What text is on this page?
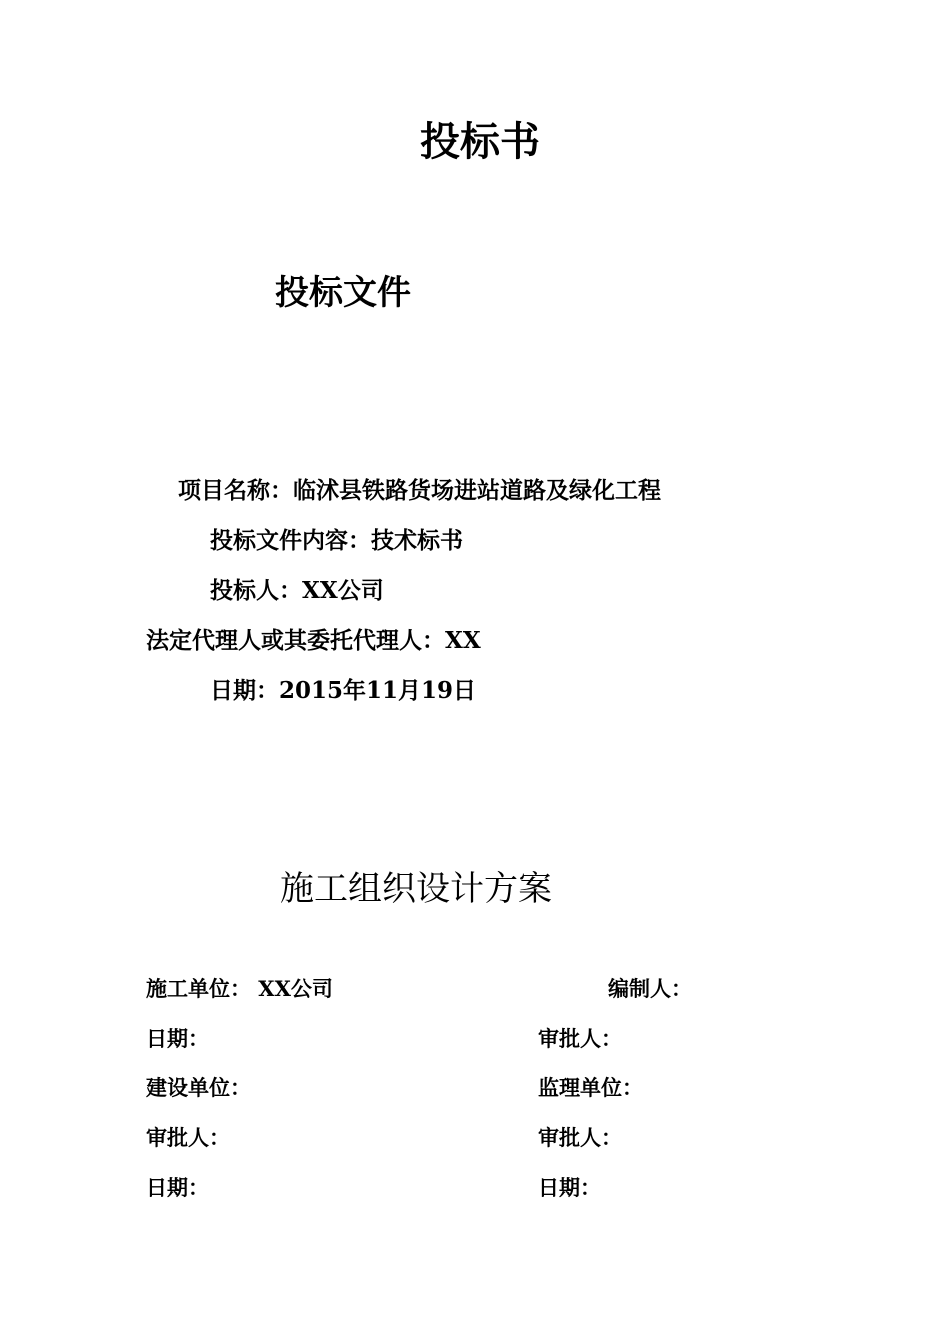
投标书
投标文件
项目名称：临沭县铁路货场进站道路及绿化工程
投标文件内容：技术标书
投标人：XX公司
法定代理人或其委托代理人：XX
日期：2015年11月19日
施工组织设计方案
施工单位： XX公司	编制人：
日期：	审批人：
建设单位：	监理单位：
审批人：	审批人：
日期：	日期：
